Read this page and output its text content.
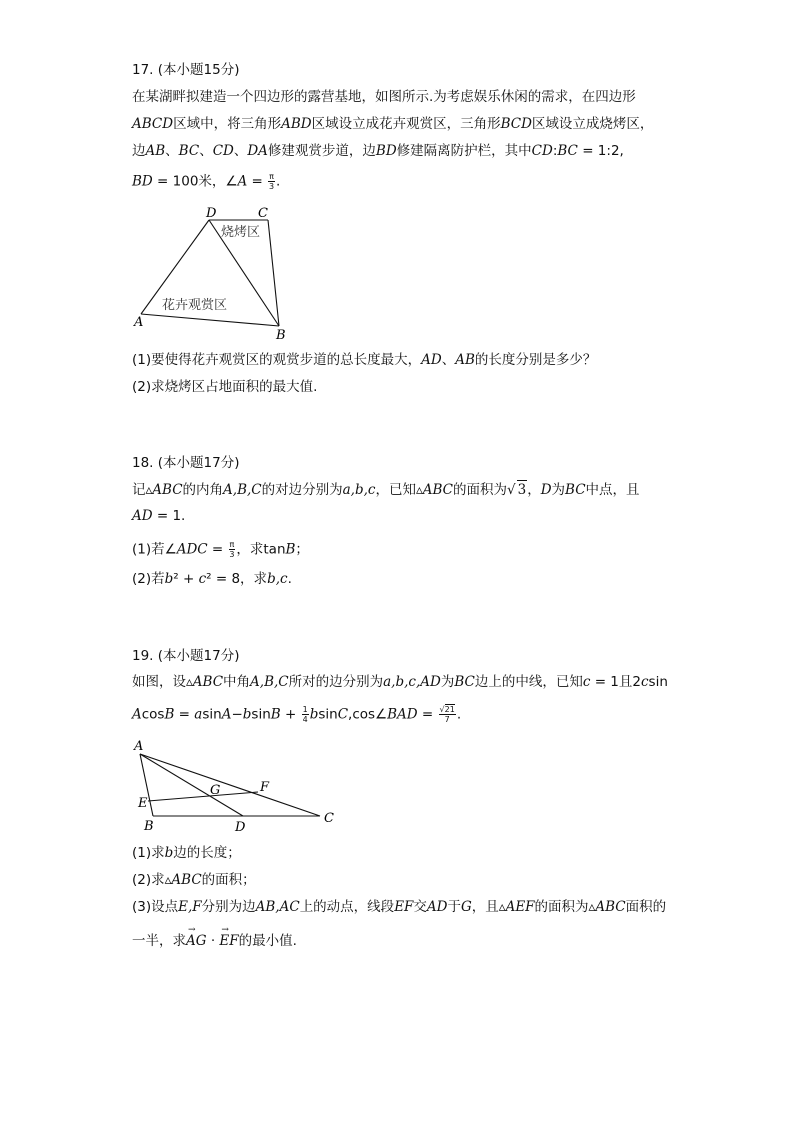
17. (本小题15分)
在某湖畔拟建造一个四边形的露营基地，如图所示.为考虑娱乐休闲的需求，在四边形
ABCD区域中，将三角形ABD区域设立成花卉观赏区，三角形BCD区域设立成烧烤区，
边AB、BC、CD、DA修建观赏步道，边BD修建隔离防护栏，其中CD:BC = 1:2,
BD = 100米，∠A = $\frac{\pi}{3}$ .
D	C
A
B
烧烤区
花卉观赏区
(1)要使得花卉观赏区的观赏步道的总长度最大，AD、AB的长度分别是多少？
(2)求烧烤区占地面积的最大值.
18. (本小题17分)
记▵ABC的内角A,B,C的对边分别为a,b,c，已知▵ABC的面积为√ 3，D为BC中点，且
AD = 1.
(1)若∠ADC = $\frac{\pi}{3}$ ，求tanB；
(2)若b² + c² = 8，求b,c.
19. (本小题17分)
如图，设▵ABC中角A,B,C所对的边分别为a,b,c,AD为BC边上的中线，已知c = 1且2csin
$AcosB = asinA-bsinB + \frac{1}{4}$ bsinC,cos∠BAD = $\frac{√21}{7}$ .
A
B
C
D
E
F
G
(1)求b边的长度；
(2)求▵ABC的面积；
(3)设点E,F分别为边AB,AC上的动点，线段EF交AD于G，且▵AEF的面积为▵ABC面积的
一半，求→ AG · → EF的最小值.
